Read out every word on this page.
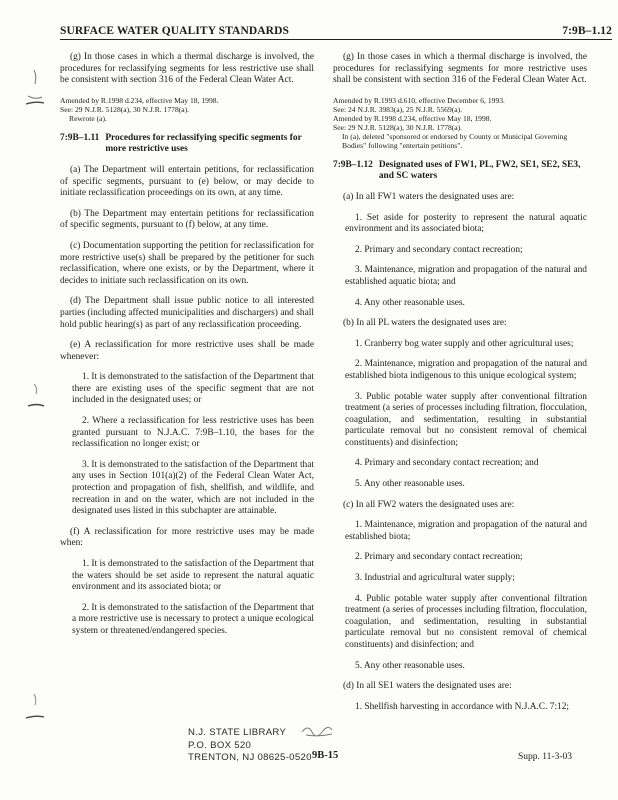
SURFACE WATER QUALITY STANDARDS	7:9B–1.12

(g) In those cases in which a thermal discharge is involved, the procedures for reclassifying segments for less restrictive use shall be consistent with section 316 of the Federal Clean Water Act.

Amended by R.1998 d.234, effective May 18, 1998.
See: 29 N.J.R. 5128(a), 30 N.J.R. 1778(a).
Rewrote (a).
7:9B–1.11 Procedures for reclassifying specific segments for more restrictive uses

(a) The Department will entertain petitions, for reclassification of specific segments, pursuant to (e) below, or may decide to initiate reclassification proceedings on its own, at any time.

(b) The Department may entertain petitions for reclassification of specific segments, pursuant to (f) below, at any time.

(c) Documentation supporting the petition for reclassification for more restrictive use(s) shall be prepared by the petitioner for such reclassification, where one exists, or by the Department, where it decides to initiate such reclassification on its own.

(d) The Department shall issue public notice to all interested parties (including affected municipalities and dischargers) and shall hold public hearing(s) as part of any reclassification proceeding.

(e) A reclassification for more restrictive uses shall be made whenever:

1. It is demonstrated to the satisfaction of the Department that there are existing uses of the specific segment that are not included in the designated uses; or

2. Where a reclassification for less restrictive uses has been granted pursuant to N.J.A.C. 7:9B–1.10, the bases for the reclassification no longer exist; or

3. It is demonstrated to the satisfaction of the Department that any uses in Section 101(a)(2) of the Federal Clean Water Act, protection and propagation of fish, shellfish, and wildlife, and recreation in and on the water, which are not included in the designated uses listed in this subchapter are attainable.

(f) A reclassification for more restrictive uses may be made when:

1. It is demonstrated to the satisfaction of the Department that the waters should be set aside to represent the natural aquatic environment and its associated biota; or

2. It is demonstrated to the satisfaction of the Department that a more restrictive use is necessary to protect a unique ecological system or threatened/endangered species.

(g) In those cases in which a thermal discharge is involved, the procedures for reclassifying segments for more restrictive uses shall be consistent with section 316 of the Federal Clean Water Act.

Amended by R.1993 d.610, effective December 6, 1993.
See: 24 N.J.R. 3983(a), 25 N.J.R. 5569(a).
Amended by R.1998 d.234, effective May 18, 1998.
See: 29 N.J.R. 5128(a), 30 N.J.R. 1778(a).
In (a), deleted "sponsored or endorsed by County or Municipal Governing Bodies" following "entertain petitions".
7:9B–1.12 Designated uses of FW1, PL, FW2, SE1, SE2, SE3, and SC waters

(a) In all FW1 waters the designated uses are:

1. Set aside for posterity to represent the natural aquatic environment and its associated biota;

2. Primary and secondary contact recreation;

3. Maintenance, migration and propagation of the natural and established aquatic biota; and

4. Any other reasonable uses.

(b) In all PL waters the designated uses are:

1. Cranberry bog water supply and other agricultural uses;

2. Maintenance, migration and propagation of the natural and established biota indigenous to this unique ecological system;

3. Public potable water supply after conventional filtration treatment (a series of processes including filtration, flocculation, coagulation, and sedimentation, resulting in substantial particulate removal but no consistent removal of chemical constituents) and disinfection;

4. Primary and secondary contact recreation; and

5. Any other reasonable uses.

(c) In all FW2 waters the designated uses are:

1. Maintenance, migration and propagation of the natural and established biota;

2. Primary and secondary contact recreation;

3. Industrial and agricultural water supply;

4. Public potable water supply after conventional filtration treatment (a series of processes including filtration, flocculation, coagulation, and sedimentation, resulting in substantial particulate removal but no consistent removal of chemical constituents) and disinfection; and

5. Any other reasonable uses.

(d) In all SE1 waters the designated uses are:

1. Shellfish harvesting in accordance with N.J.A.C. 7:12;

N.J. STATE LIBRARY
P.O. BOX 520
TRENTON, NJ 08625-0520 9B-15	Supp. 11-3-03
